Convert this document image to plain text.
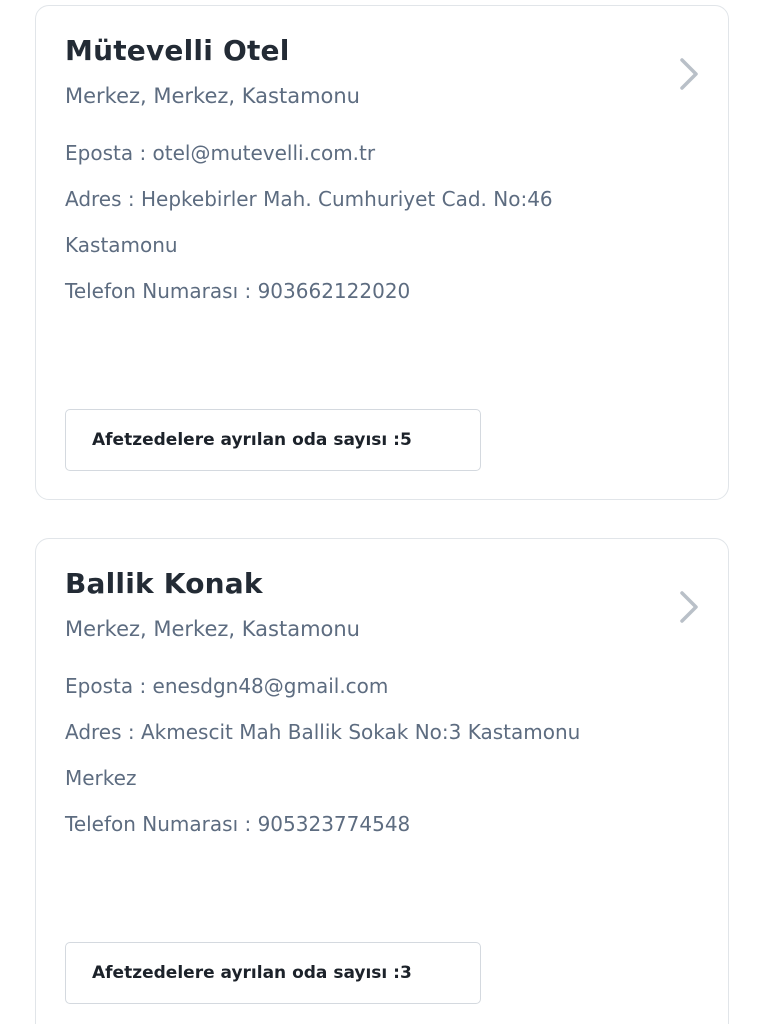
Mütevelli Otel
Merkez, Merkez, Kastamonu
Eposta : otel@mutevelli.com.tr
Adres : Hepkebirler Mah. Cumhuriyet Cad. No:46
Kastamonu
Telefon Numarası : 903662122020
Afetzedelere ayrılan oda sayısı : 5
Ballik Konak
Merkez, Merkez, Kastamonu
Eposta : enesdgn48@gmail.com
Adres : Akmescit Mah Ballik Sokak No:3 Kastamonu
Merkez
Telefon Numarası : 905323774548
Afetzedelere ayrılan oda sayısı : 3
